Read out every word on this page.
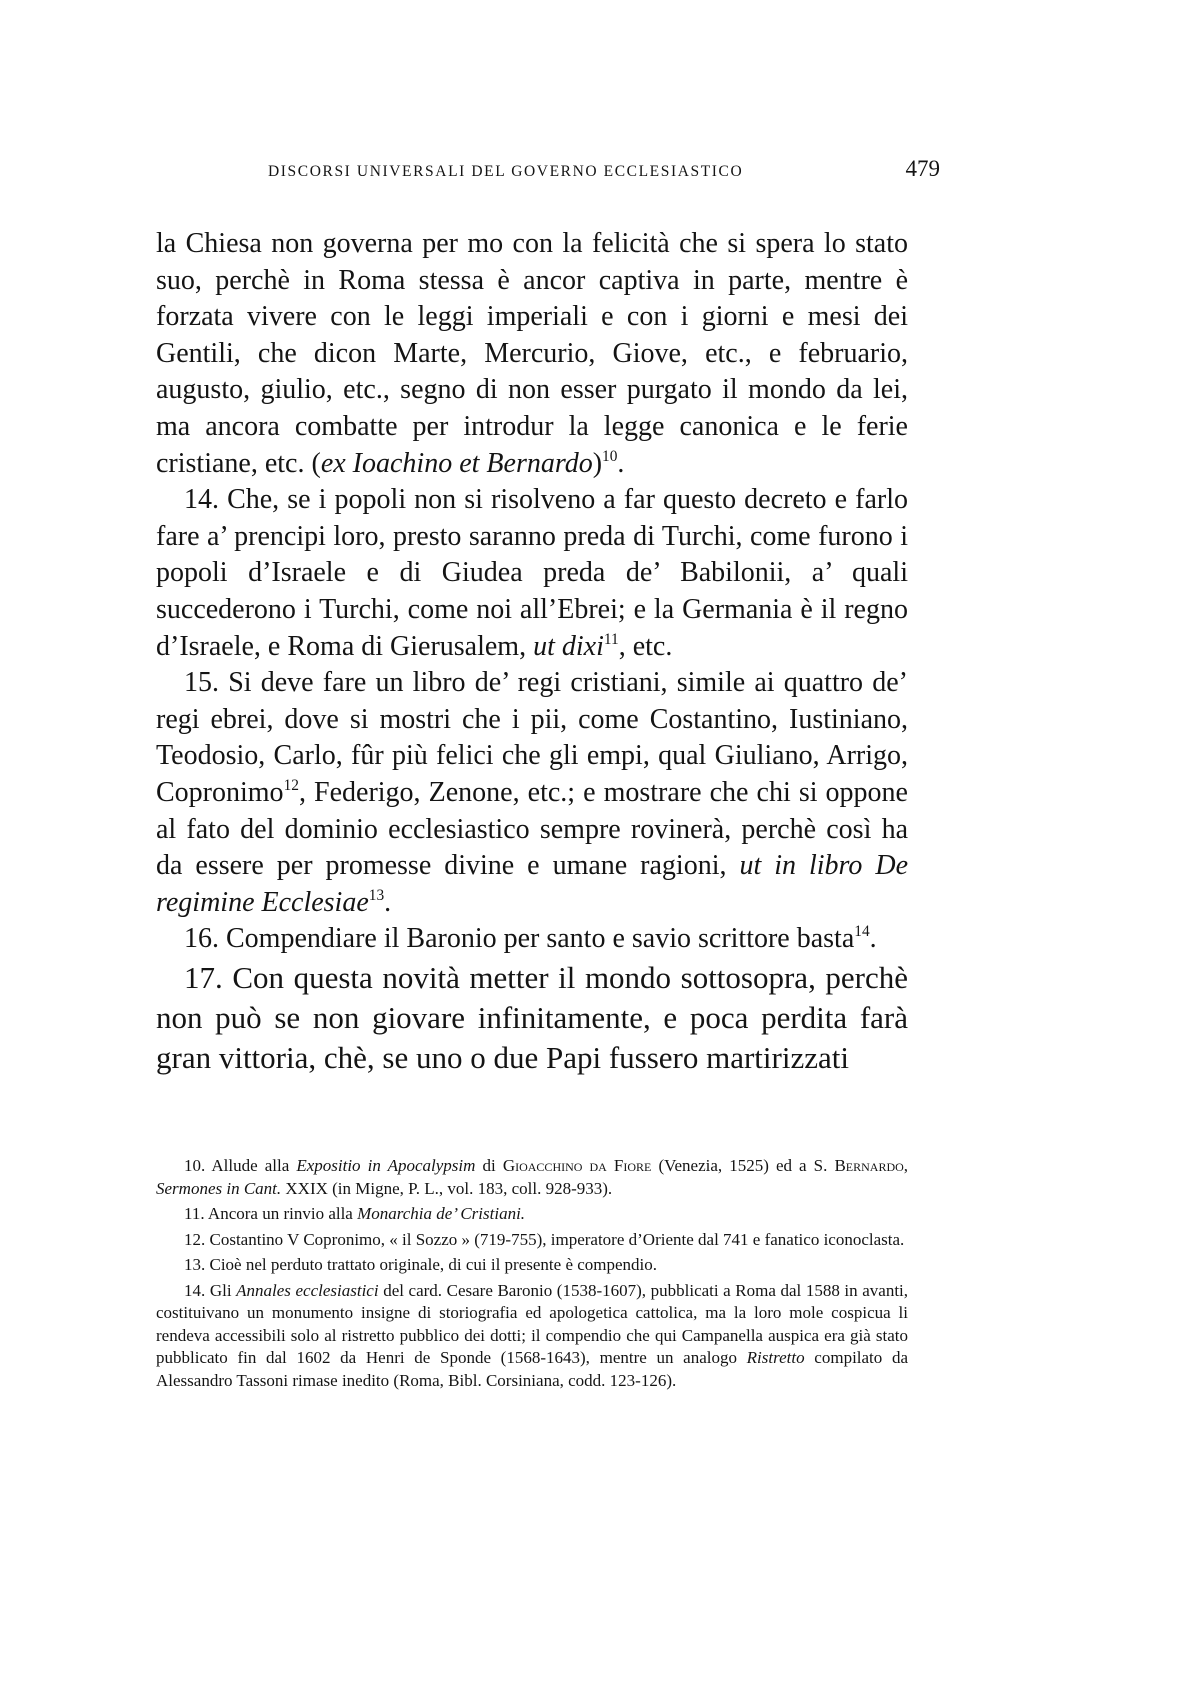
DISCORSI UNIVERSALI DEL GOVERNO ECCLESIASTICO	479

la Chiesa non governa per mo con la felicità che si spera lo stato suo, perchè in Roma stessa è ancor captiva in parte, mentre è forzata vivere con le leggi imperiali e con i giorni e mesi dei Gentili, che dicon Marte, Mercurio, Giove, etc., e februario, augusto, giulio, etc., segno di non esser purgato il mondo da lei, ma ancora combatte per introdur la legge canonica e le ferie cristiane, etc. (ex Ioachino et Bernardo)$^{10}$.

14. Che, se i popoli non si risolveno a far questo decreto e farlo fare a’ prencipi loro, presto saranno preda di Turchi, come furono i popoli d’Israele e di Giudea preda de’ Babilonii, a’ quali succederono i Turchi, come noi all’Ebrei; e la Germania è il regno d’Israele, e Roma di Gierusalem, ut dixi$^{11}$, etc.

15. Si deve fare un libro de’ regi cristiani, simile ai quattro de’ regi ebrei, dove si mostri che i pii, come Costantino, Iustiniano, Teodosio, Carlo, fûr più felici che gli empi, qual Giuliano, Arrigo, Copronimo$^{12}$, Federigo, Zenone, etc.; e mostrare che chi si oppone al fato del dominio ecclesiastico sempre rovinerà, perchè così ha da essere per promesse divine e umane ragioni, ut in libro De regimine Ecclesiae$^{13}$.

16. Compendiare il Baronio per santo e savio scrittore basta$^{14}$.

17. Con questa novità metter il mondo sottosopra, perchè non può se non giovare infinitamente, e poca perdita farà gran vittoria, chè, se uno o due Papi fussero martirizzati

10. Allude alla Expositio in Apocalypsim di Gioacchino da Fiore (Venezia, 1525) ed a S. Bernardo, Sermones in Cant. XXIX (in Migne, P. L., vol. 183, coll. 928-933).

11. Ancora un rinvio alla Monarchia de’ Cristiani.

12. Costantino V Copronimo, « il Sozzo » (719-755), imperatore d’Oriente dal 741 e fanatico iconoclasta.

13. Cioè nel perduto trattato originale, di cui il presente è compendio.

14. Gli Annales ecclesiastici del card. Cesare Baronio (1538-1607), pubblicati a Roma dal 1588 in avanti, costituivano un monumento insigne di storiografia ed apologetica cattolica, ma la loro mole cospicua li rendeva accessibili solo al ristretto pubblico dei dotti; il compendio che qui Campanella auspica era già stato pubblicato fin dal 1602 da Henri de Sponde (1568-1643), mentre un analogo Ristretto compilato da Alessandro Tassoni rimase inedito (Roma, Bibl. Corsiniana, codd. 123-126).
